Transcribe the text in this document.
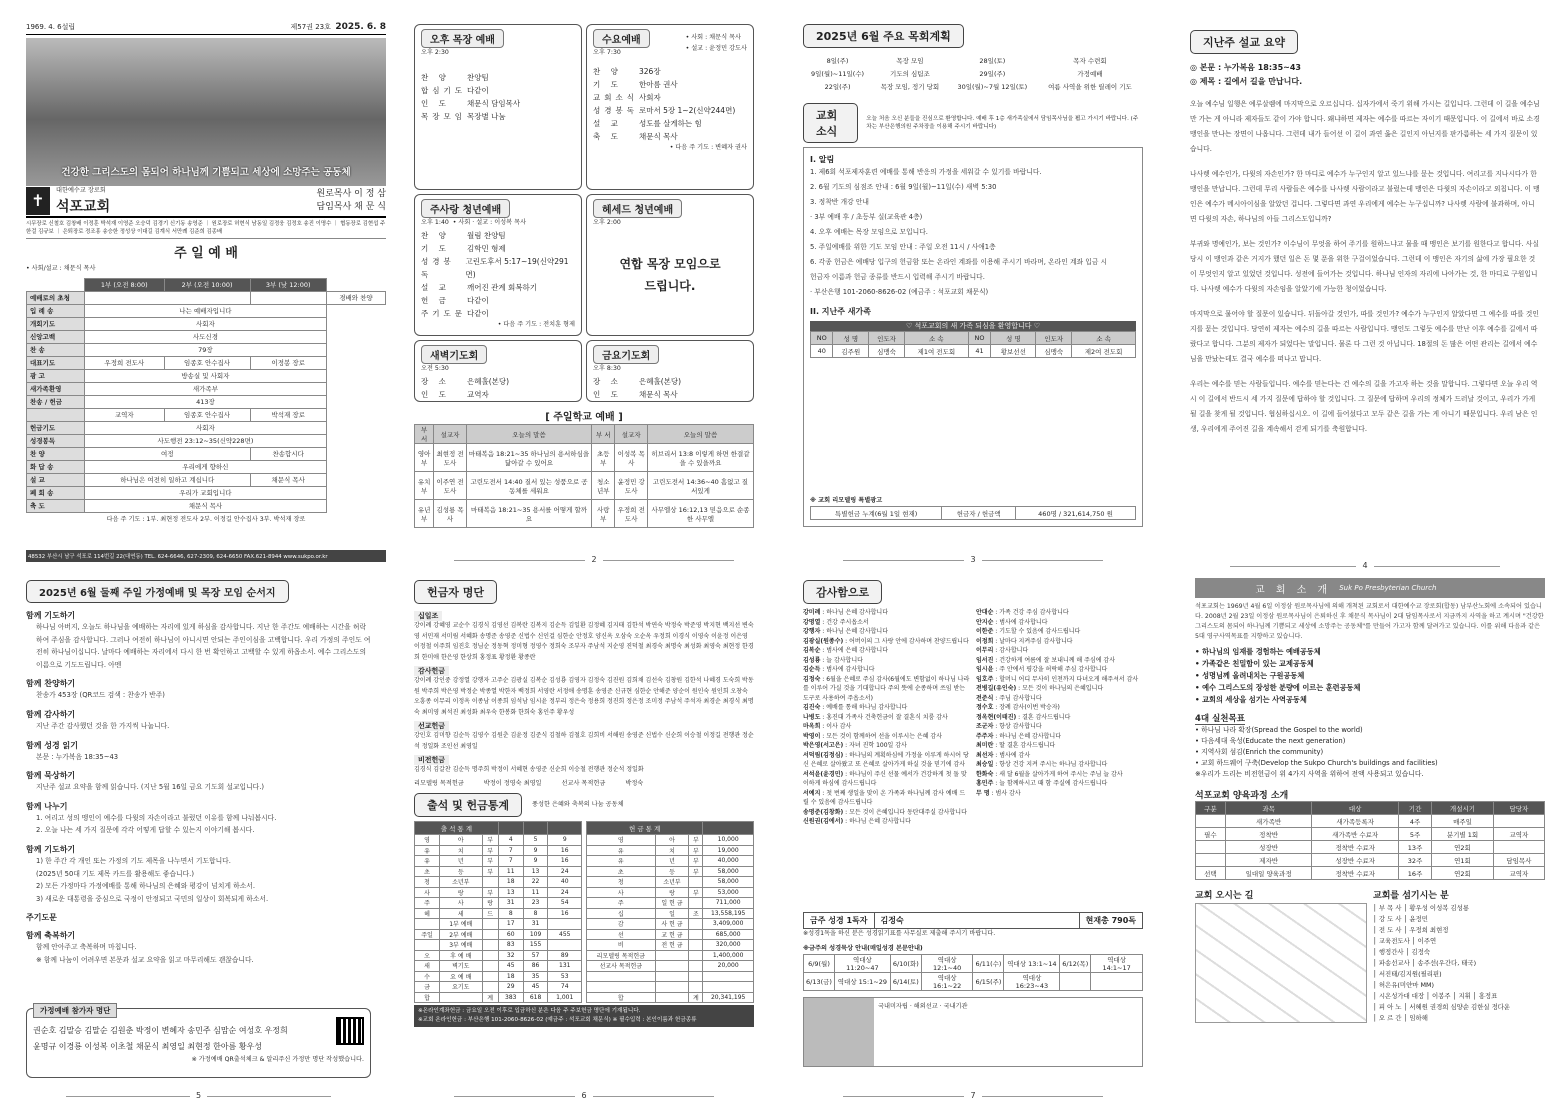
1969. 4. 6설립	제57권 23호 2025. 6. 8
건강한 그리스도의 몸되어 하나님께 기쁨되고 세상에 소망주는 공동체
✝
대한예수교 장로회
석포교회
원로목사 이 정 삼
담임목사 채 문 식
시무장로 신철호 김창배 이정훈 박석재 이영준 오승덕 김경기 신기동 송영준 ｜ 원로장로 허현식 남동일 김정웅 김정호 송진 이명수 ｜ 협동장로 김현섭 주한걸 김규보 ｜ 은퇴장로 정조흥 송승한 정성상 이대길 김계식 서만례 김준희 김종배
주 일 예 배
• 사회/설교 : 채문식 목사
	1부 (오전 8:00)	2부 (오전 10:00)	3부 (낮 12:00)	
예배로의 초청				경배와 찬양
입 례 송	나는 예배자입니다			
개회기도	사회자			
신앙고백	사도신경			
찬 송	79장			
대표기도	우정희 전도사	임종호 안수집사	이정봉 장로	
광 고	방송실 및 사회자			
새가족환영	새가족부			
찬송 / 헌금	413장			
	교역자	임종호 안수집사	박석재 장로	
헌금기도	사회자			
성경봉독	사도행전 23:12~35(신약228면)			
찬 양	여정		찬송합시다	
화 답 송	우리에게 향하신			
설 교	하나님은 여전히 일하고 계십니다		채문식 목사	
폐 회 송	우리가 교회입니다			
축 도	채문식 목사			
다음 주 기도 : 1부. 최현정 전도사 2부. 이정길 안수집사 3부. 박석재 장로
48532 부산시 남구 석포로 114번길 22(대연동) TEL. 624-6646, 627-2309, 624-6650 FAX.621-8944 www.sukpo.or.kr
오후 목장 예배
오후 2:30
찬 양	찬양팀
합심기도 다같이
인 도	채문식 담임목사
목장모임 목장별 나눔
수요예배
오후 7:30
• 사회 : 채문식 목사
• 설교 : 윤정민 강도사
찬 양	326장
기 도	한아름 권사
교회소식 사회자
성경봉독 로마서 5장 1~2(신약244면)
설 교	성도를 살게하는 힘
축 도	채문식 목사
• 다음 주 기도 : 변혜자 권사
주사랑 청년예배
오후 1:40 • 사회 · 설교 : 이성복 목사
찬 양	월림 찬양팀
기 도	김학민 형제
성경봉독
고린도후서 5:17~19(신약291면)
설 교	깨어진 관계 회복하기
헌 금	다같이
주기도문 다같이
• 다음 주 기도 : 전치훈 형제
헤세드 청년예배
오후 2:00
연합 목장 모임으로 드립니다.
새벽기도회
오전 5:30
장 소	은혜홀(본당)
인 도	교역자
금요기도회
오후 8:30
장 소	은혜홀(본당)
인 도	채문식 목사
[ 주일학교 예배 ]
부 서	설교자	오늘의 말씀	부 서	설교자	오늘의 말씀
영아부	최현정 전도사	마태복음 18:21~35 하나님의 용서하심을 닮아갈 수 있어요	초등부	이성복 목 사	히브리서 13:8 이렇게 하면 한결같을 수 있을까요
유치부	이주연 전도사	고린도전서 14:40 질서 있는 성품으로 공동체를 세워요	청소년부	윤정민 강도사	고린도전서 14:36~40 흠없고 질서있게
유년부	김성룡 목 사	마태복음 18:21~35 용서를 어떻게 할까요	사랑부	우정희 전도사	사무엘상 16:12,13 믿음으로 순종한 사무엘
2
2025년 6월 주요 목회계획
8일(주)	목장 모임	28일(토)	목자 수련회
9일(월)~11일(수)	기도의 심팀조	29일(주)	가정예배
22일(주)	목장 모임, 정기 당회	30일(월)~7월 12일(토)	여름 사역을 위한 릴레이 기도
교회소식
오늘 처음 오신 분들을 진심으로 환영합니다. 예배 후 1층 새가족실에서 담임목사님을 뵙고 가시기 바랍니다. (주차는 부산은행의원 주차장을 이용해 주시기 바랍니다)
I. 알림
1. 제6회 석포제자훈련 예배를 통해 반응의 가정을 세워갈 수 있기를 바랍니다.
2. 6월 기도의 심점조 안내 : 6월 9일(월)~11일(수) 새벽 5:30
3. 정착반 개강 안내
· 3부 예배 후 / 초등부 실(교육관 4층)
4. 오후 예배는 목장 모임으로 모입니다.
5. 주일예배를 위한 기도 모임 안내 : 주일 오전 11시 / 사애1층
6. 각종 헌금은 예배당 입구의 헌금함 또는 온라인 계좌를 이용해 주시기 바라며, 온라인 계좌 입금 시
헌금자 이름과 헌금 종류를 반드시 입력해 주시기 바랍니다.
· 부산은행 101-2060-8626-02 (예금주 : 석포교회 채문식)
II. 지난주 새가족
♡ 석포교회의 새 가족 되심을 환영합니다 ♡
NO	성 명	인도자	소 속	NO	성 명	인도자	소 속
40	김주원	심맹숙	제1여 전도회	41	황보선선	심맹숙	제2여 전도회
※ 교회 리모델링 특별광고
특별헌금 누계(6월 1일 현재)	헌금자 / 헌금액	460명 / 321,614,750 원
3
지난주 설교 요약
◎ 본문 : 누가복음 18:35~43
◎ 제목 : 길에서 길을 만납니다.

오늘 예수님 일행은 예루살렘에 마지막으로 오르십니다. 십자가에서 죽기 위해 가시는 길입니다. 그런데 이 길을 예수님만 가는 게 아니라 제자들도 같이 가야 합니다. 왜냐하면 제자는 예수를 따르는 자이기 때문입니다. 이 길에서 바로 소경 맹인을 만나는 장면이 나옵니다. 그런데 내가 들어선 이 길이 과연 옳은 길인지 아닌지를 판가름하는 세 가지 질문이 있습니다.

나사렛 예수인가, 다윗의 자손인가? 한 마디로 예수가 누구인지 알고 있느냐를 묻는 것입니다. 여리고를 지나시다가 한 맹인을 만납니다. 그런데 무리 사람들은 예수를 나사렛 사람이라고 불렀는데 맹인은 다윗의 자손이라고 외칩니다. 이 맹인은 예수가 메시아이심을 알았던 겁니다. 그렇다면 과연 우리에게 예수는 누구십니까? 나사렛 사람에 불과하며, 아니면 다윗의 자손, 하나님의 아들 그리스도입니까?

부귀와 명예인가, 보는 것인가? 이수님이 무엇을 하여 주기를 원하느냐고 물을 때 맹인은 보기를 원한다고 합니다. 사실 당시 이 맹인과 같은 거지가 했던 일은 돈 몇 푼을 위한 구걸이었습니다. 그런데 이 맹인은 자기의 삶에 가장 필요한 것이 무엇인지 알고 있었던 것입니다. 성전에 들어가는 것입니다. 하나님 인자의 자리에 나아가는 것, 한 마디로 구원입니다. 나사렛 예수가 다윗의 자손임을 알았기에 가능한 청이었습니다.

마지막으로 물어야 할 질문이 있습니다. 뒤돌아갈 것인가, 따를 것인가? 예수가 누구인지 알았다면 그 예수를 따를 것인지를 묻는 것입니다. 당연히 제자는 예수의 길을 따르는 사람입니다. 맹인도 그렇듯 예수를 만난 이후 예수를 길에서 따랐다고 합니다. 그분의 제자가 되었다는 말입니다. 물론 다 그런 것 아닙니다. 18절의 돈 많은 어떤 관리는 길에서 예수님을 만났는데도 결국 예수를 떠나고 맙니다.

우리는 예수를 믿는 사람들입니다. 예수를 믿는다는 건 예수의 길을 가고자 하는 것을 말합니다. 그렇다면 오늘 우리 역시 이 길에서 반드시 세 가지 질문에 답하야 할 것입니다. 그 질문에 답하며 우리의 정체가 드러날 것이고, 우리가 가게 될 길을 찾게 될 것입니다. 협심하십시오. 이 길에 들어섰다고 모두 같은 길을 가는 게 아니기 때문입니다. 우리 남은 인생, 우리에게 주어진 길을 계속해서 걷게 되기를 축원합니다.

4
2025년 6월 둘째 주일 가정예배 및 목장 모임 순서지
함께 기도하기
하나님 아버지, 오늘도 하나님을 예배하는 자리에 있게 하심을 감사합니다. 지난 한 주간도 예배하는 시간을 허락하여 주심을 감사합니다. 그러나 여전히 하나님이 아니시면 안되는 주인이심을 고백합니다. 우리 가정의 주인도 여전히 하나님이십니다. 날마다 예배하는 자리에서 다시 한 번 확인하고 고백할 수 있게 하옵소서. 예수 그리스도의 이름으로 기도드립니다. 아멘
함께 찬양하기
찬송가 453장 (QR코드 검색 : 찬송가 반주)
함께 감사하기
지난 주간 감사했던 것을 한 가지씩 나눕니다.
함께 성경 읽기
본문 : 누가복음 18:35~43
함께 묵상하기
지난주 설교 요약을 함께 읽습니다. (지난 5월 16일 금요 기도회 설교입니다.)
함께 나누기
1. 여리고 성의 맹인이 예수를 다윗의 자손이라고 불렀던 이유를 함께 나눠봅시다.
2. 오늘 나는 세 가지 질문에 각각 어떻게 답할 수 있는지 이야기해 봅시다.
함께 기도하기
1) 한 주간 각 개인 또는 가정의 기도 제목을 나누면서 기도합니다.
(2025년 50대 기도 제목 카드를 활용해도 좋습니다.)
2) 모든 가정마다 가정예배를 통해 하나님의 은혜와 평강이 넘치게 하소서.
3) 새로운 대통령을 중심으로 국정이 안정되고 국민의 일상이 회복되게 하소서.
주기도문
함께 축복하기
함께 안아주고 축복하며 마칩니다.
※ 함께 나눔이 어려우면 본문과 설교 요약을 읽고 마무리해도 괜찮습니다.
가정예배 참가자 명단
권순호 김말승 김말순 김원춘 박정이 변혜자 송민주 심맘순 여성호 우정희
윤명규 이경룡 이성복 이초철 채문식 최영일 최현정 한아름 황우성
※ 가정예배 QR출석체크 & 알리주신 가정만 명단 작성했습니다.
5
헌금자 명단
십일조
강이례 강혜영 교순수 김경식 김영선 김복란 김복지 김순득 김일환 김정혜 김지태 김한석 박연숙 박정숙 박준영 박지현 백지선 변숙영 서민재 서미림 서혜화 송명준 송영준 신법수 신인걸 심한순 안정호 양신옥 오삼숙 오순옥 우정희 이경식 이영숙 이윤정 이은영 이정철 이주희 임진호 정님순 정동혁 정미형 정영수 정희숙 조부자 주남석 지순영 진덕철 최경숙 최명숙 최성화 최영숙 최현정 한경희 한미애 한은영 한상희 홍정표 황정환 황종란
감사헌금
강이례 강인중 강정열 강행자 고주순 김광실 김복순 김성룡 김영자 김정숙 김진원 김희채 김선숙 김창원 김한석 나혜경 도숙희 박동원 박주희 박은영 박정순 박종열 박한자 백정희 서영란 서정애 송명훈 송영준 신규현 심한순 안해준 양순이 원인숙 원인희 오창숙 오흥종 이무리 이정옥 이종남 이종희 임석남 임시윤 정부리 정은숙 정용희 정진희 정은정 조미정 주남석 주석자 최경순 최경식 최명숙 최미영 최석진 최성화 최우숙 한봉화 한희숙 홍인주 황우성
선교헌금
강인호 김미향 김순득 김영수 김원춘 김윤정 김준식 김철하 김철호 김희비 서해원 송영준 신법수 신순희 이승철 이정길 전행관 정순석 정일화 조인선 최영일
비전헌금
김경식 김갈찬 김순득 명주희 박정이 서혜현 송영준 신순희 이승철 전행관 정순석 정일화
리모델링 목적헌금	박정이 정영숙 최영일	선교사 목적헌금	박정숙
출석 및 헌금통계	풍성한 은혜와 축복의 나눔 공동체
출 석 통 계					
영	아	부	4	5	9
유	치	부	7	9	16
유	년	부	7	9	16
초	등	부	11	13	24
청	소년부		18	22	40
사	랑	부	13	11	24
주	사	랑	31	23	54
헤	세	드	8	8	16
	1부 예배		17	31	
주일	2부 예배		60	109	455
	3부 예배		83	155	
오	후 예 배		32	57	89
새	벽기도		45	86	131
수	요 예 배		18	35	53
금	요기도		29	45	74
합		계	383	618	1,001
헌 금 통 계			
영	아	부	10,000
유	치	부	19,000
유	년	부	40,000
초	등	부	58,000
청	소년부		58,000
사	랑	부	53,000
주	일 헌 금		711,000
십	일	조	13,558,195
감	사 헌 금		3,409,000
선	교 헌 금		685,000
비	전 헌 금		320,000
리모델링 목적헌금			1,400,000
선교사 목적헌금			20,000

합		계	20,341,195
※온라인계좌헌금 : 금요일 오전 이후로 입금하신 분은 다음 주 주보헌금 명단에 기재됩니다.
※교회 온라인헌금 : 부산은행 101-2060-8626-02 (예금주 : 석포교회 채문식) ※ 필수입력 : 본인이름과 헌금종류
6
감사함으로
강미례 : 하나님 은혜 감사합니다
강명열 : 건강 주시옵소서
강행자 : 하나님 은혜 감사합니다
김광실(원종수) : 어버이의 그 사랑 안에 감사하며 찬양드립니다
김복순 : 범사에 은혜 감사합니다
김성룡 : 늘 감사합니다
김순득 : 범사에 감사합니다
김정숙 : 6월을 은혜로 주심 감사(6월에도 변함없이 하나님 나라를 이루어 가실 것을 기대합니다 주의 뜻에 순종하며 쓰임 받는 도구로 사용하여 주옵소서)
김진숙 : 예배를 통해 하나님 감사합니다
나병도 : 홍진대 가족사 건축헌금이 잘 결혼식 치룸 감사
마옥희 : 이사 감사
박영이 : 모든 것이 함께하여 선을 이루시는 은혜 감사
박은영(서고은) : 자녀 진학 100일 감사
서덕림(김정심) : 하나님의 계획하심에 가정을 이루게 하시어 당신 은혜로 살아왔고 또 은혜로 살아가게 하실 것을 믿기에 감사
서석윤(윤경민) : 하나님이 주신 선물 예서가 건강하게 첫 돌 맞이하게 하심에 감사드립니다
서예지 : 첫 번째 생일을 맞이 온 가족과 하나님께 감사 예배 드릴 수 있음에 감사드립니다
송명준(김창화) : 모든 것이 은혜입니다 동탄대주실 감사합니다
신원권(김에서) : 하나님 은혜 감사합니다
안대순 : 가족 건강 주심 감사합니다
안지순 : 범사에 감사합니다
이한준 : 기도할 수 있음에 감사드립니다
이정희 : 날마다 지켜주심 감사합니다
이무리 : 감사합니다
임서진 : 건강하게 여름에 잘 보내니께 해 주심에 감사
임시윤 : 주 안에서 평강을 허락해 주심 감사합니다
임호주 : 할머니 어디 무사히 인천까지 다녀오게 해주셔서 감사
전병길(유인숙) : 모든 것이 하나님의 은혜입니다
전준식 : 주님 감사합니다
정수호 : 장례 감사(이번 박승자)
정옥현(이태진) : 결혼 감사드립니다
조군자 : 항상 감사합니다
주주자 : 하나님 은혜 감사합니다
최미란 : 딸 결혼 감사드립니다
최선자 : 범사에 감사
최승일 : 항상 건강 지켜 주시는 하나님 감사합니다
한화숙 : 새 달 6월을 살아가게 하여 주시는 주님 늘 감사
홍민주 : 늘 함께하시고 때 함 주실에 감사드립니다
무 명 : 범사 감사
금주 성경 1독자	김정숙	현재총 790독
※성경1독을 하신 분은 성경읽기표를 사무실로 제출해 주시기 바랍니다.
※금주의 성경묵상 안내(매일성경 본문안내)
6/9(월)	역대상 11:20~47	6/10(화)	역대상 12:1~40	6/11(수)	역대상 13:1~14	6/12(목)	역대상 14:1~17
6/13(금)	역대상 15:1~29	6/14(토)	역대상 16:1~22	6/15(주)	역대상 16:23~43		
국내미자립 · 해외선교 · 국내기관
7
교 회 소 개 Suk Po Presbyterian Church
석포교회는 1969년 4월 6일 이정삼 원로목사님에 의해 개척된 교회로서 대한예수교 장로회(합동) 남부산노회에 소속되어 있습니다. 2008년 2월 23일 이정삼 원로목사님이 은퇴하신 후 채문식 목사님이 2대 담임목사로서 지금까지 사역을 하고 계시며 "건강한 그리스도의 몸되어 하나님께 기쁨되고 세상에 소망주는 공동체"를 만들어 가고자 함께 달려가고 있습니다. 이를 위해 다음과 같은 5대 영구사역목표를 지향하고 있습니다.
• 하나님의 임재를 경험하는 예배공동체
• 가족같은 친밀함이 있는 교제공동체
• 성명님께 올려내치는 구원공동체
• 예수 그리스도의 장성한 분량에 이르는 훈련공동체
• 교회의 세상을 섬기는 사역공동체
4대 실천목표
• 하나님 나라 확장(Spread the Gospel to the world)
• 다음세대 육성(Educate the next generation)
• 지역사회 섬김(Enrich the community)
• 교회 하드웨어 구축(Develop the Sukpo Church's buildings and facilities)
※우리가 드리는 비전헌금이 위 4가지 사역을 위하여 전액 사용되고 있습니다.
석포교회 양육과정 소개
구분	과목	대상	기간	개설시기	담당자
	새가족반	새가족등록자	4주	매주일	
필수	정착반	새가족반 수료자	5주	분기별 1회	교역자
	성장반	정착반 수료자	13주	연2회	
	제자반	성장반 수료자	32주	연1회	담임목사
선택	일대일 양육과정	정착반 수료자	16주	연2회	교역자
교회 오시는 길	교회를 섬기시는 분
│ 부 목 사 │ 황우성 이성복 김성룡
│ 강 도 사 │ 윤정민
│ 전 도 사 │ 우정희 최현정
│ 교육전도사 │ 이주연
│ 행정간사 │ 김정숙
│ 파송선교사 │ 송주선(우간다, 태국)
│ 서진태/김지원(필리핀)
│ 허은유(미얀마 MM)
│ 시온성가대 대장 │ 이봉주 │ 지휘 │ 홍정표
│ 피 아 노 │ 서혜원 권경희 심양순 김한실 정다운
│ 오 르 간 │ 임하해
